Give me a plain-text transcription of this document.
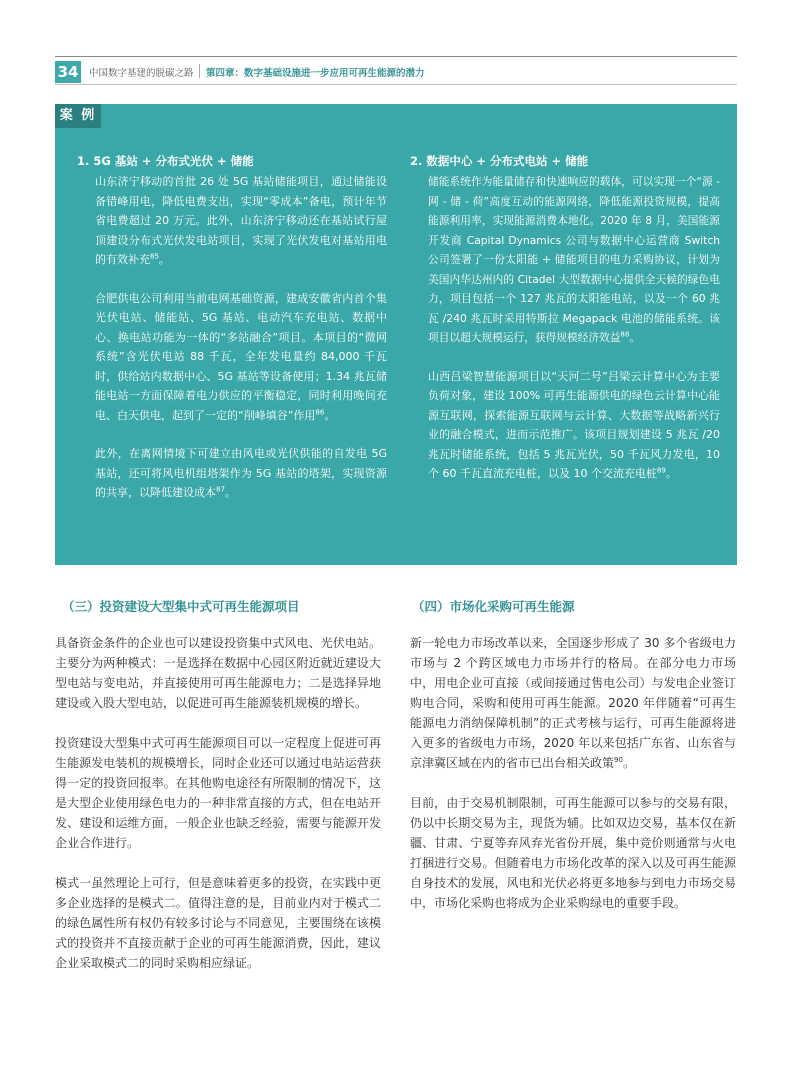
34 中国数字基建的脱碳之路 第四章：数字基础设施进一步应用可再生能源的潜力
案 例
1. 5G 基站 + 分布式光伏 + 储能

山东济宁移动的首批 26 处 5G 基站储能项目，通过储能设备错峰用电，降低电费支出，实现“零成本”备电，预计年节省电费超过 20 万元。此外，山东济宁移动还在基站试行屋顶建设分布式光伏发电站项目，实现了光伏发电对基站用电的有效补充$^{85}$。

合肥供电公司利用当前电网基础资源，建成安徽省内首个集光伏电站、储能站、5G 基站、电动汽车充电站、数据中心、换电站功能为一体的“多站融合”项目。本项目的“微网系统”含光伏电站 88 千瓦，全年发电量约 84,000 千瓦时，供给站内数据中心、5G 基站等设备使用；1.34 兆瓦储能电站一方面保障着电力供应的平衡稳定，同时利用晚间充电、白天供电，起到了一定的“削峰填谷”作用$^{86}$。

此外，在离网情境下可建立由风电或光伏供能的自发电 5G 基站，还可将风电机组塔架作为 5G 基站的塔架，实现资源的共享，以降低建设成本$^{87}$。

2. 数据中心 + 分布式电站 + 储能

储能系统作为能量储存和快速响应的载体，可以实现一个“源 - 网 - 储 - 荷”高度互动的能源网络，降低能源投资规模，提高能源利用率，实现能源消费本地化。2020 年 8 月，美国能源开发商 Capital Dynamics 公司与数据中心运营商 Switch 公司签署了一份太阳能 + 储能项目的电力采购协议，计划为美国内华达州内的 Citadel 大型数据中心提供全天候的绿色电力，项目包括一个 127 兆瓦的太阳能电站，以及一个 60 兆瓦 /240 兆瓦时采用特斯拉 Megapack 电池的储能系统。该项目以超大规模运行，获得规模经济效益$^{88}$。

山西吕梁智慧能源项目以“天河二号”吕梁云计算中心为主要负荷对象，建设 100% 可再生能源供电的绿色云计算中心能源互联网，探索能源互联网与云计算、大数据等战略新兴行业的融合模式，进而示范推广。该项目规划建设 5 兆瓦 /20 兆瓦时储能系统，包括 5 兆瓦光伏，50 千瓦风力发电，10 个 60 千瓦直流充电桩，以及 10 个交流充电桩$^{89}$。

（三）投资建设大型集中式可再生能源项目	（四）市场化采购可再生能源

具备资金条件的企业也可以建设投资集中式风电、光伏电站。主要分为两种模式：一是选择在数据中心园区附近就近建设大型电站与变电站，并直接使用可再生能源电力；二是选择异地建设或入股大型电站，以促进可再生能源装机规模的增长。

投资建设大型集中式可再生能源项目可以一定程度上促进可再生能源发电装机的规模增长，同时企业还可以通过电站运营获得一定的投资回报率。在其他购电途径有所限制的情况下，这是大型企业使用绿色电力的一种非常直接的方式，但在电站开发、建设和运维方面，一般企业也缺乏经验，需要与能源开发企业合作进行。

模式一虽然理论上可行，但是意味着更多的投资，在实践中更多企业选择的是模式二。值得注意的是，目前业内对于模式二的绿色属性所有权仍有较多讨论与不同意见，主要围绕在该模式的投资并不直接贡献于企业的可再生能源消费，因此，建议企业采取模式二的同时采购相应绿证。

新一轮电力市场改革以来，全国逐步形成了 30 多个省级电力市场与 2 个跨区域电力市场并行的格局。在部分电力市场中，用电企业可直接（或间接通过售电公司）与发电企业签订购电合同，采购和使用可再生能源。2020 年伴随着“可再生能源电力消纳保障机制”的正式考核与运行，可再生能源将进入更多的省级电力市场，2020 年以来包括广东省、山东省与京津冀区域在内的省市已出台相关政策$^{90}$。

目前，由于交易机制限制，可再生能源可以参与的交易有限，仍以中长期交易为主，现货为辅。比如双边交易，基本仅在新疆、甘肃、宁夏等弃风弃光省份开展，集中竞价则通常与火电打捆进行交易。但随着电力市场化改革的深入以及可再生能源自身技术的发展，风电和光伏必将更多地参与到电力市场交易中，市场化采购也将成为企业采购绿电的重要手段。
